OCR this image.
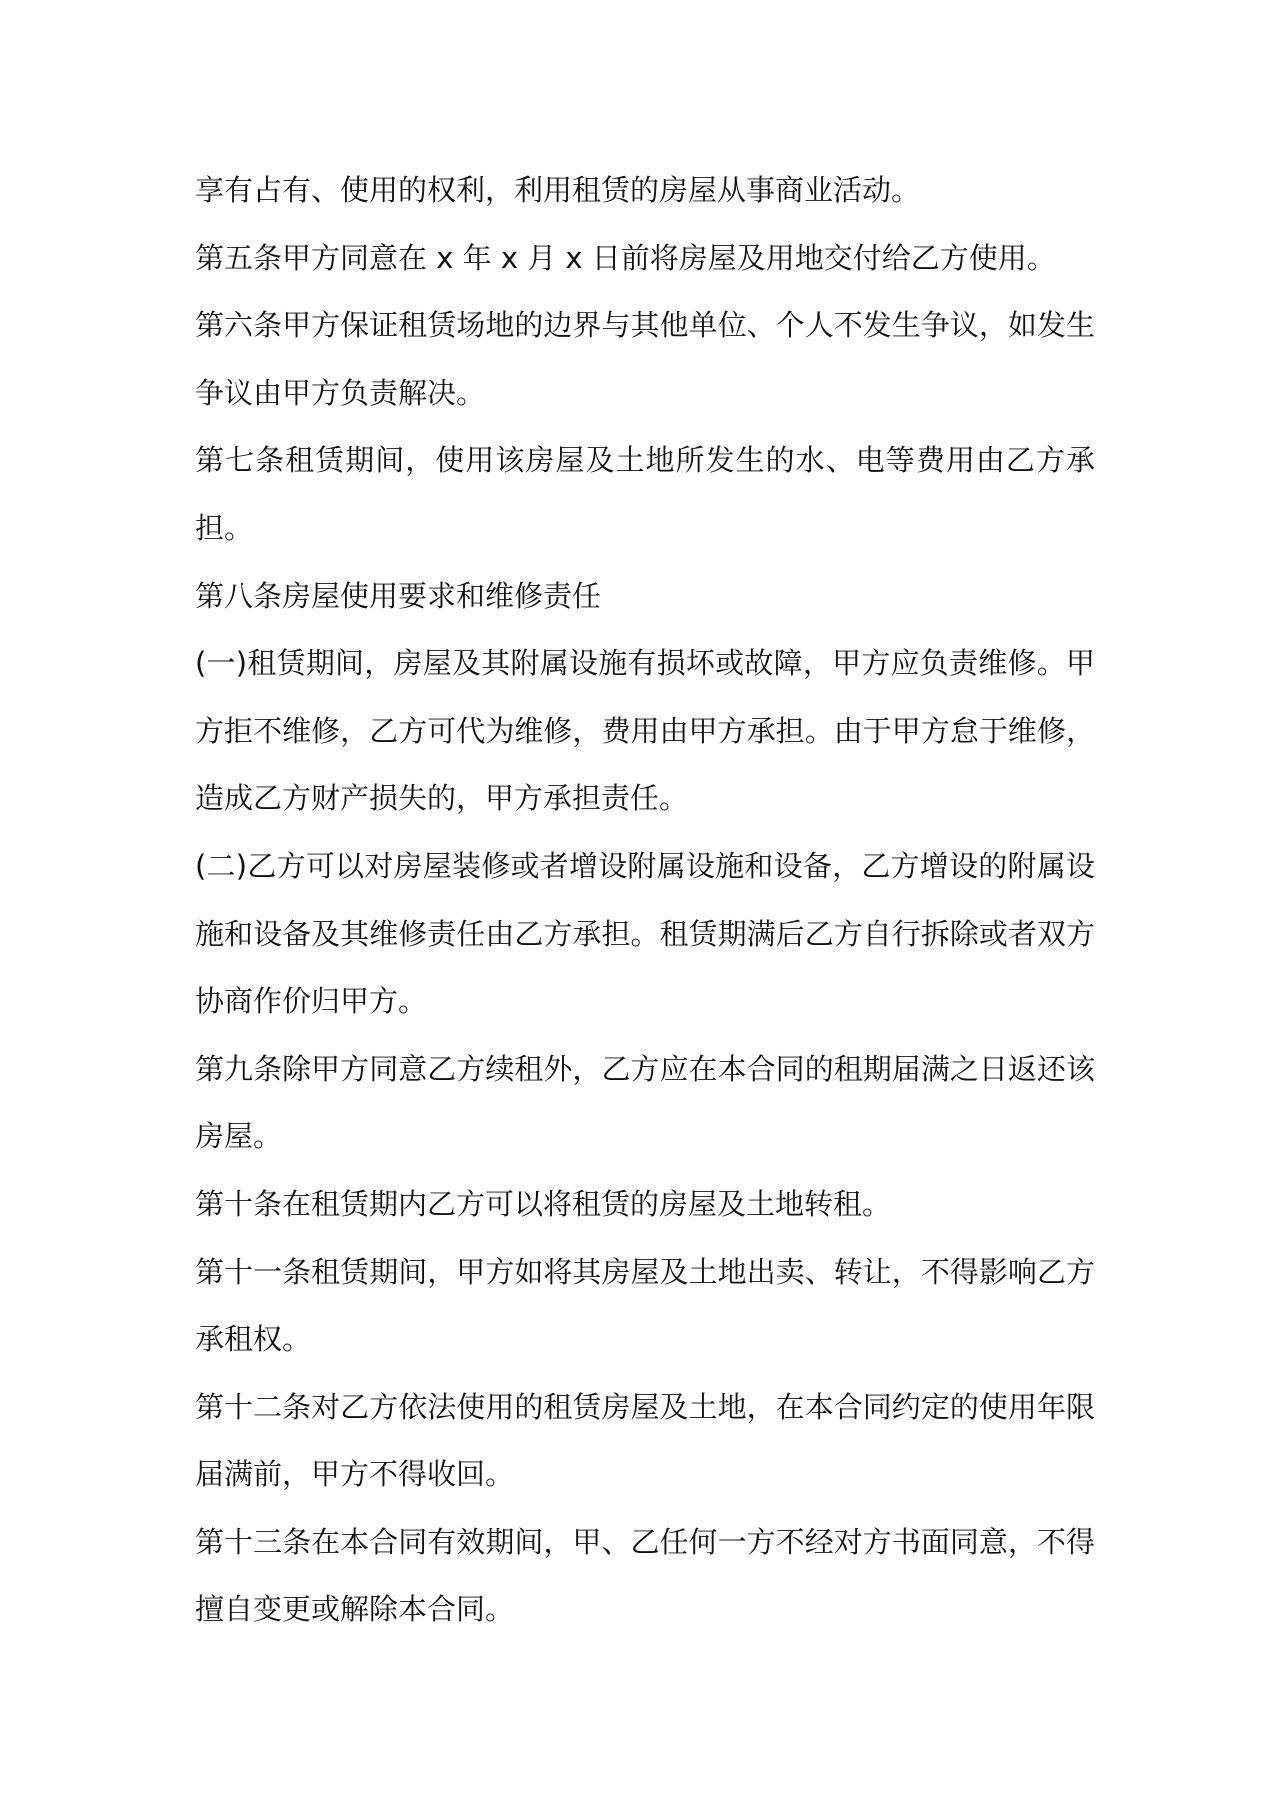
享有占有、使用的权利，利用租赁的房屋从事商业活动。

第五条甲方同意在 x 年 x 月 x 日前将房屋及用地交付给乙方使用。

第六条甲方保证租赁场地的边界与其他单位、个人不发生争议，如发生争议由甲方负责解决。

第七条租赁期间，使用该房屋及土地所发生的水、电等费用由乙方承担。

第八条房屋使用要求和维修责任

(一)租赁期间，房屋及其附属设施有损坏或故障，甲方应负责维修。甲方拒不维修，乙方可代为维修，费用由甲方承担。由于甲方怠于维修，造成乙方财产损失的，甲方承担责任。

(二)乙方可以对房屋装修或者增设附属设施和设备，乙方增设的附属设施和设备及其维修责任由乙方承担。租赁期满后乙方自行拆除或者双方协商作价归甲方。

第九条除甲方同意乙方续租外，乙方应在本合同的租期届满之日返还该房屋。

第十条在租赁期内乙方可以将租赁的房屋及土地转租。

第十一条租赁期间，甲方如将其房屋及土地出卖、转让，不得影响乙方承租权。

第十二条对乙方依法使用的租赁房屋及土地，在本合同约定的使用年限届满前，甲方不得收回。

第十三条在本合同有效期间，甲、乙任何一方不经对方书面同意，不得擅自变更或解除本合同。
